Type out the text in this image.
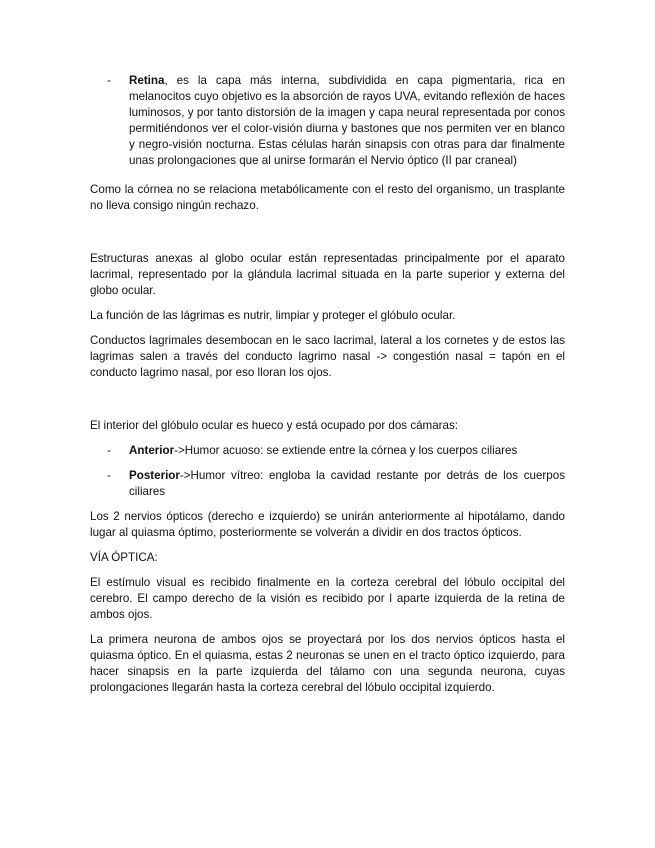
- Retina, es la capa más interna, subdividida en capa pigmentaria, rica en melanocitos cuyo objetivo es la absorción de rayos UVA, evitando reflexión de haces luminosos, y por tanto distorsión de la imagen y capa neural representada por conos permitiéndonos ver el color-visión diurna y bastones que nos permiten ver en blanco y negro-visión nocturna. Estas células harán sinapsis con otras para dar finalmente unas prolongaciones que al unirse formarán el Nervio óptico (II par craneal)

Como la córnea no se relaciona metabólicamente con el resto del organismo, un trasplante no lleva consigo ningún rechazo.

Estructuras anexas al globo ocular están representadas principalmente por el aparato lacrimal, representado por la glándula lacrimal situada en la parte superior y externa del globo ocular.

La función de las lágrimas es nutrir, limpiar y proteger el glóbulo ocular.

Conductos lagrimales desembocan en le saco lacrimal, lateral a los cornetes y de estos las lagrimas salen a través del conducto lagrimo nasal -> congestión nasal = tapón en el conducto lagrimo nasal, por eso lloran los ojos.

El interior del glóbulo ocular es hueco y está ocupado por dos cámaras:

- Anterior->Humor acuoso: se extiende entre la córnea y los cuerpos ciliares
- Posterior->Humor vítreo: engloba la cavidad restante por detrás de los cuerpos ciliares

Los 2 nervios ópticos (derecho e izquierdo) se unirán anteriormente al hipotálamo, dando lugar al quiasma óptimo, posteriormente se volverán a dividir en dos tractos ópticos.

VÍA ÓPTICA:

El estímulo visual es recibido finalmente en la corteza cerebral del lóbulo occipital del cerebro. El campo derecho de la visión es recibido por l aparte izquierda de la retina de ambos ojos.

La primera neurona de ambos ojos se proyectará por los dos nervios ópticos hasta el quiasma óptico. En el quiasma, estas 2 neuronas se unen en el tracto óptico izquierdo, para hacer sinapsis en la parte izquierda del tálamo con una segunda neurona, cuyas prolongaciones llegarán hasta la corteza cerebral del lóbulo occipital izquierdo.
